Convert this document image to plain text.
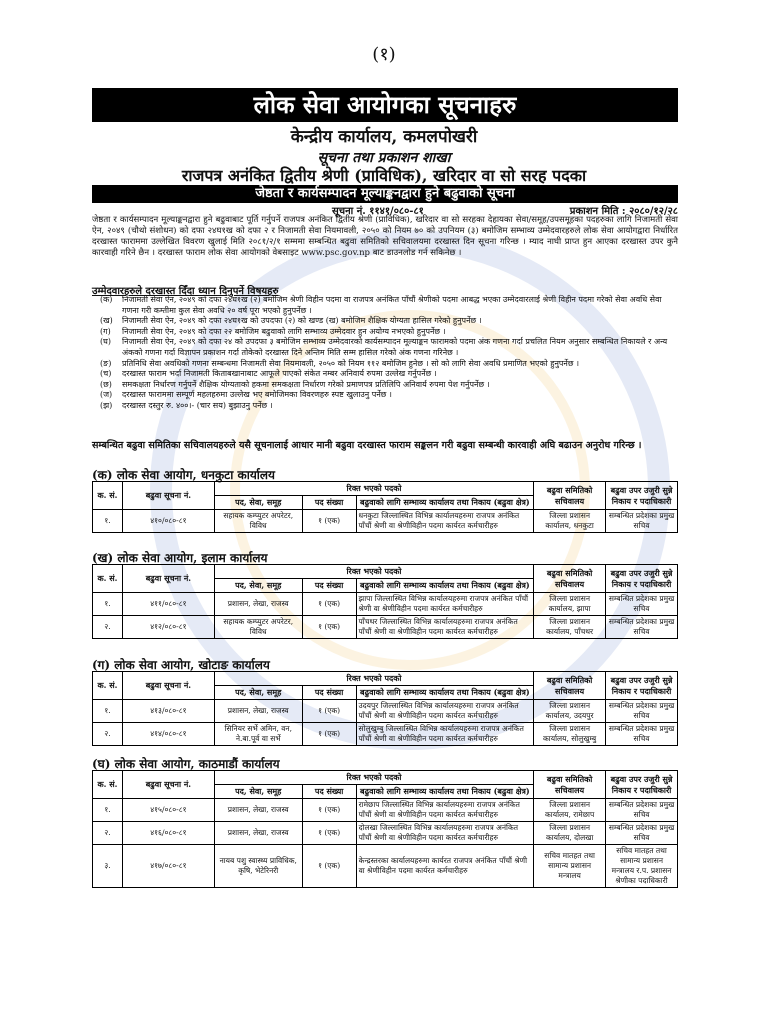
(१)
लोक सेवा आयोगका सूचनाहरु
केन्द्रीय कार्यालय, कमलपोखरी
सूचना तथा प्रकाशन शाखा
राजपत्र अनंकित द्वितीय श्रेणी (प्राविधिक), खरिदार वा सो सरह पदका
जेष्ठता र कार्यसम्पादन मूल्याङ्कनद्वारा हुने बढुवाको सूचना
सूचना नं. ११४१/०८०-८१	प्रकाशन मिति : २०८०/१२/२८
जेष्ठता र कार्यसम्पादन मूल्याङ्कनद्वारा हुने बढुवाबाट पूर्ति गर्नुपर्ने राजपत्र अनंकित द्वितीय श्रेणी (प्राविधिक), खरिदार वा सो सरहका देहायका सेवा/समूह/उपसमूहका पदहरुका लागि निजामती सेवा ऐन, २०४९ (चौथो संशोधन) को दफा २४घ१ख को दफा २ र निजामती सेवा नियमावली, २०५० को नियम ७० को उपनियम (३) बमोजिम सम्भाव्य उम्मेदवारहरुले लोक सेवा आयोगद्वारा निर्धारित दरखास्त फाराममा उल्लेखित विवरण खुलाई मिति २०८१/२/१ सम्ममा सम्बन्धित बढुवा समितिको सचिवालयमा दरखास्त दिन सूचना गरिन्छ । म्याद नाघी प्राप्त हुन आएका दरखास्त उपर कुनै कारवाही गरिने छैन । दरखास्त फाराम लोक सेवा आयोगको वेबसाइट www.psc.gov.np बाट डाउनलोड गर्न सकिनेछ ।
उम्मेदवारहरुले दरखास्त दिँदा ध्यान दिनुपर्ने विषयहरु
(क)	निजामती सेवा ऐन, २०४९ को दफा २४घ१ख (२) बमोजिम श्रेणी विहीन पदमा वा राजपत्र अनंकित पाँचौं श्रेणीको पदमा आबद्ध भएका उम्मेदवारलाई श्रेणी विहीन पदमा गरेको सेवा अवधि सेवा गणना गरी कम्तीमा कुल सेवा अवधि २० वर्ष पूरा भएको हुनुपर्नेछ ।
(ख)	निजामती सेवा ऐन, २०४९ को दफा २४घ१ख को उपदफा (२) को खण्ड (ख) बमोजिम शैक्षिक योग्यता हासिल गरेको हुनुपर्नेछ ।
(ग)	निजामती सेवा ऐन, २०४९ को दफा २२ बमोजिम बढुवाको लागि सम्भाव्य उम्मेदवार हुन अयोग्य नभएको हुनुपर्नेछ ।
(घ)	निजामती सेवा ऐन, २०४९ को दफा २४ को उपदफा ३ बमोजिम सम्भाव्य उम्मेदवारको कार्यसम्पादन मूल्याङ्कन फारामको पदमा अंक गणना गर्दा प्रचलित नियम अनुसार सम्बन्धित निकायले र अन्य अंकको गणना गर्दा विज्ञापन प्रकाशन गर्दा तोकेको दरखास्त दिने अन्तिम मिति सम्म हासिल गरेको अंक गणना गरिनेछ ।
(ङ)	प्रतिनिधि सेवा अवधिको गणना सम्बन्धमा निजामती सेवा नियमावली, २०५० को नियम ११२ बमोजिम हुनेछ । सो को लागि सेवा अवधि प्रमाणित भएको हुनुपर्नेछ ।
(च)	दरखास्त फाराम भर्दा निजामती किताबखानाबाट आफूले पाएको संकेत नम्बर अनिवार्य रुपमा उल्लेख गर्नुपर्नेछ ।
(छ)	समकक्षता निर्धारण गर्नुपर्ने शैक्षिक योग्यताको हकमा समकक्षता निर्धारण गरेको प्रमाणपत्र प्रतिलिपि अनिवार्य रुपमा पेश गर्नुपर्नेछ ।
(ज)	दरखास्त फाराममा सम्पूर्ण महलहरुमा उल्लेख भए बमोजिमका विवरणहरु स्पष्ट खुलाउनु पर्नेछ ।
(झ)	दरखास्त दस्तुर रु. ४००।- (चार सय) बुझाउनु पर्नेछ ।
सम्बन्धित बढुवा समितिका सचिवालयहरुले यसै सूचनालाई आधार मानी बढुवा दरखास्त फाराम सङ्कलन गरी बढुवा सम्बन्धी कारवाही अघि बढाउन अनुरोध गरिन्छ ।
(क) लोक सेवा आयोग, धनकुटा कार्यालय
क. सं.	बढुवा सूचना नं.	रिक्त भएको पदको			बढुवा समितिको सचिवालय	बढुवा उपर उजुरी सुन्ने निकाय र पदाधिकारी
		पद, सेवा, समूह	पद संख्या	बढुवाको लागि सम्भाव्य कार्यालय तथा निकाय (बढुवा क्षेत्र)		
१.	४१०/०८०-८१	सहायक कम्प्युटर अपरेटर, विविध	१ (एक)	धनकुटा जिल्लास्थित विभिन्न कार्यालयहरुमा राजपत्र अनंकित पाँचौं श्रेणी वा श्रेणीविहीन पदमा कार्यरत कर्मचारीहरु	जिल्ला प्रशासन कार्यालय, धनकुटा	सम्बन्धित प्रदेशका प्रमुख सचिव
(ख) लोक सेवा आयोग, इलाम कार्यालय
क. सं.	बढुवा सूचना नं.	रिक्त भएको पदको			बढुवा समितिको सचिवालय	बढुवा उपर उजुरी सुन्ने निकाय र पदाधिकारी
		पद, सेवा, समूह	पद संख्या	बढुवाको लागि सम्भाव्य कार्यालय तथा निकाय (बढुवा क्षेत्र)		
१.	४११/०८०-८१	प्रशासन, लेखा, राजस्व	१ (एक)	झापा जिल्लास्थित विभिन्न कार्यालयहरुमा राजपत्र अनंकित पाँचौं श्रेणी वा श्रेणीविहीन पदमा कार्यरत कर्मचारीहरु	जिल्ला प्रशासन कार्यालय, झापा	सम्बन्धित प्रदेशका प्रमुख सचिव
२.	४१२/०८०-८१	सहायक कम्प्युटर अपरेटर, विविध	१ (एक)	पाँचथर जिल्लास्थित विभिन्न कार्यालयहरुमा राजपत्र अनंकित पाँचौं श्रेणी वा श्रेणीविहीन पदमा कार्यरत कर्मचारीहरु	जिल्ला प्रशासन कार्यालय, पाँचथर	सम्बन्धित प्रदेशका प्रमुख सचिव
(ग) लोक सेवा आयोग, खोटाङ कार्यालय
क. सं.	बढुवा सूचना नं.	रिक्त भएको पदको			बढुवा समितिको सचिवालय	बढुवा उपर उजुरी सुन्ने निकाय र पदाधिकारी
		पद, सेवा, समूह	पद संख्या	बढुवाको लागि सम्भाव्य कार्यालय तथा निकाय (बढुवा क्षेत्र)		
१.	४१३/०८०-८१	प्रशासन, लेखा, राजस्व	१ (एक)	उदयपुर जिल्लास्थित विभिन्न कार्यालयहरुमा राजपत्र अनंकित पाँचौं श्रेणी वा श्रेणीविहीन पदमा कार्यरत कर्मचारीहरु	जिल्ला प्रशासन कार्यालय, उदयपुर	सम्बन्धित प्रदेशका प्रमुख सचिव
२.	४१४/०८०-८१	सिनियर सर्भे अमिन, वन, ने.बा.पूर्व वा सर्भे	१ (एक)	सोलुखुम्बु जिल्लास्थित विभिन्न कार्यालयहरुमा राजपत्र अनंकित पाँचौं श्रेणी वा श्रेणीविहीन पदमा कार्यरत कर्मचारीहरु	जिल्ला प्रशासन कार्यालय, सोलुखुम्बु	सम्बन्धित प्रदेशका प्रमुख सचिव
(घ) लोक सेवा आयोग, काठमाडौं कार्यालय
क. सं.	बढुवा सूचना नं.	रिक्त भएको पदको			बढुवा समितिको सचिवालय	बढुवा उपर उजुरी सुन्ने निकाय र पदाधिकारी
		पद, सेवा, समूह	पद संख्या	बढुवाको लागि सम्भाव्य कार्यालय तथा निकाय (बढुवा क्षेत्र)		
१.	४१५/०८०-८१	प्रशासन, लेखा, राजस्व	१ (एक)	रामेछाप जिल्लास्थित विभिन्न कार्यालयहरुमा राजपत्र अनंकित पाँचौं श्रेणी वा श्रेणीविहीन पदमा कार्यरत कर्मचारीहरु	जिल्ला प्रशासन कार्यालय, रामेछाप	सम्बन्धित प्रदेशका प्रमुख सचिव
२.	४१६/०८०-८१	प्रशासन, लेखा, राजस्व	१ (एक)	दोलखा जिल्लास्थित विभिन्न कार्यालयहरुमा राजपत्र अनंकित पाँचौं श्रेणी वा श्रेणीविहीन पदमा कार्यरत कर्मचारीहरु	जिल्ला प्रशासन कार्यालय, दोलखा	सम्बन्धित प्रदेशका प्रमुख सचिव
३.	४१७/०८०-८१	नायब पशु स्वास्थ्य प्राविधिक, कृषि, भेटेरिनरी	१ (एक)	केन्द्रस्तरका कार्यालयहरुमा कार्यरत राजपत्र अनंकित पाँचौं श्रेणी वा श्रेणीविहीन पदमा कार्यरत कर्मचारीहरु	सचिव मातहत तथा सामान्य प्रशासन मन्त्रालय	सचिव मातहत तथा सामान्य प्रशासन मन्त्रालय र.प. प्रशासन श्रेणीका पदाधिकारी
